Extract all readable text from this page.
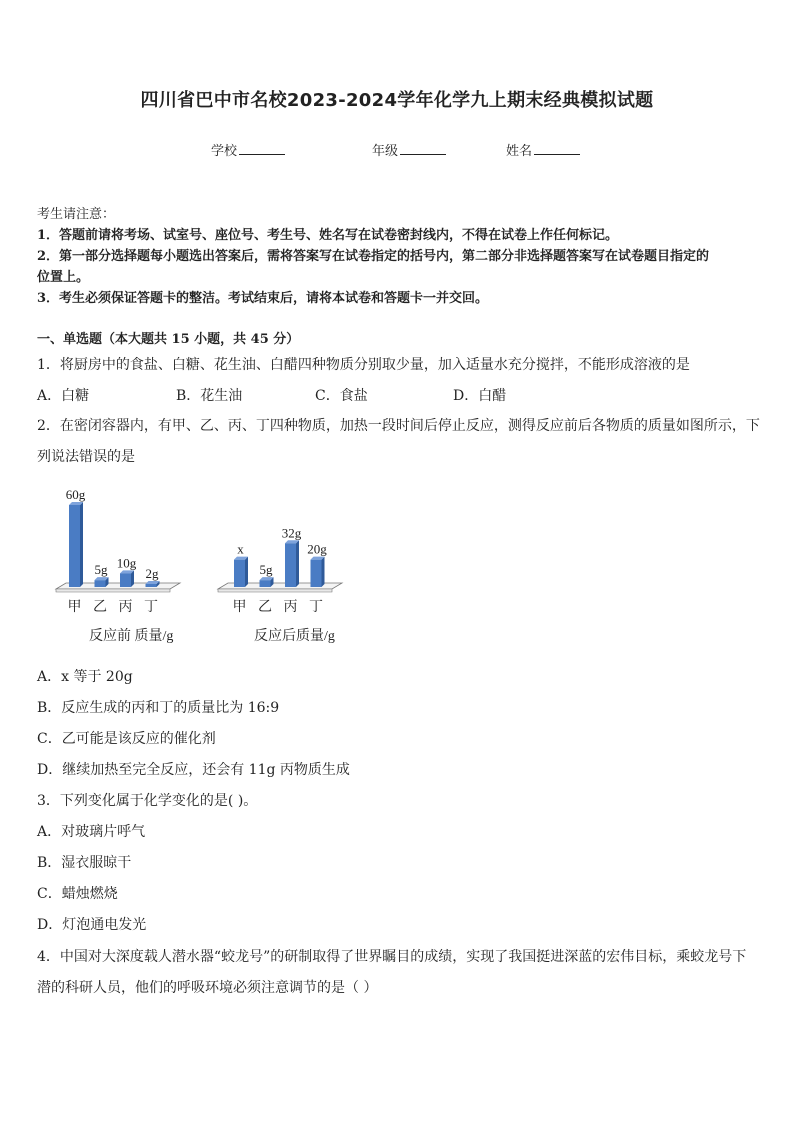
四川省巴中市名校2023-2024学年化学九上期末经典模拟试题
学校	年级	姓名
考生请注意：
1．答题前请将考场、试室号、座位号、考生号、姓名写在试卷密封线内，不得在试卷上作任何标记。
2．第一部分选择题每小题选出答案后，需将答案写在试卷指定的括号内，第二部分非选择题答案写在试卷题目指定的
位置上。
3．考生必须保证答题卡的整洁。考试结束后，请将本试卷和答题卡一并交回。
一、单选题（本大题共 15 小题，共 45 分）
1．将厨房中的食盐、白糖、花生油、白醋四种物质分别取少量，加入适量水充分搅拌，不能形成溶液的是
A．白糖	B．花生油	C．食盐	D．白醋
2．在密闭容器内，有甲、乙、丙、丁四种物质，加热一段时间后停止反应，测得反应前后各物质的质量如图所示，下
列说法错误的是
60g
甲
5g
乙
10g
丙
2g
丁
反应前 质量/g
x
甲
5g
乙
32g
丙
20g
丁
反应后质量/g
A．x 等于 20g
B．反应生成的丙和丁的质量比为 16:9
C．乙可能是该反应的催化剂
D．继续加热至完全反应，还会有 11g 丙物质生成
3．下列变化属于化学变化的是( )。
A．对玻璃片呼气
B．湿衣服晾干
C．蜡烛燃烧
D．灯泡通电发光
4．中国对大深度载人潜水器“蛟龙号”的研制取得了世界瞩目的成绩，实现了我国挺进深蓝的宏伟目标，乘蛟龙号下
潜的科研人员，他们的呼吸环境必须注意调节的是（ ）
